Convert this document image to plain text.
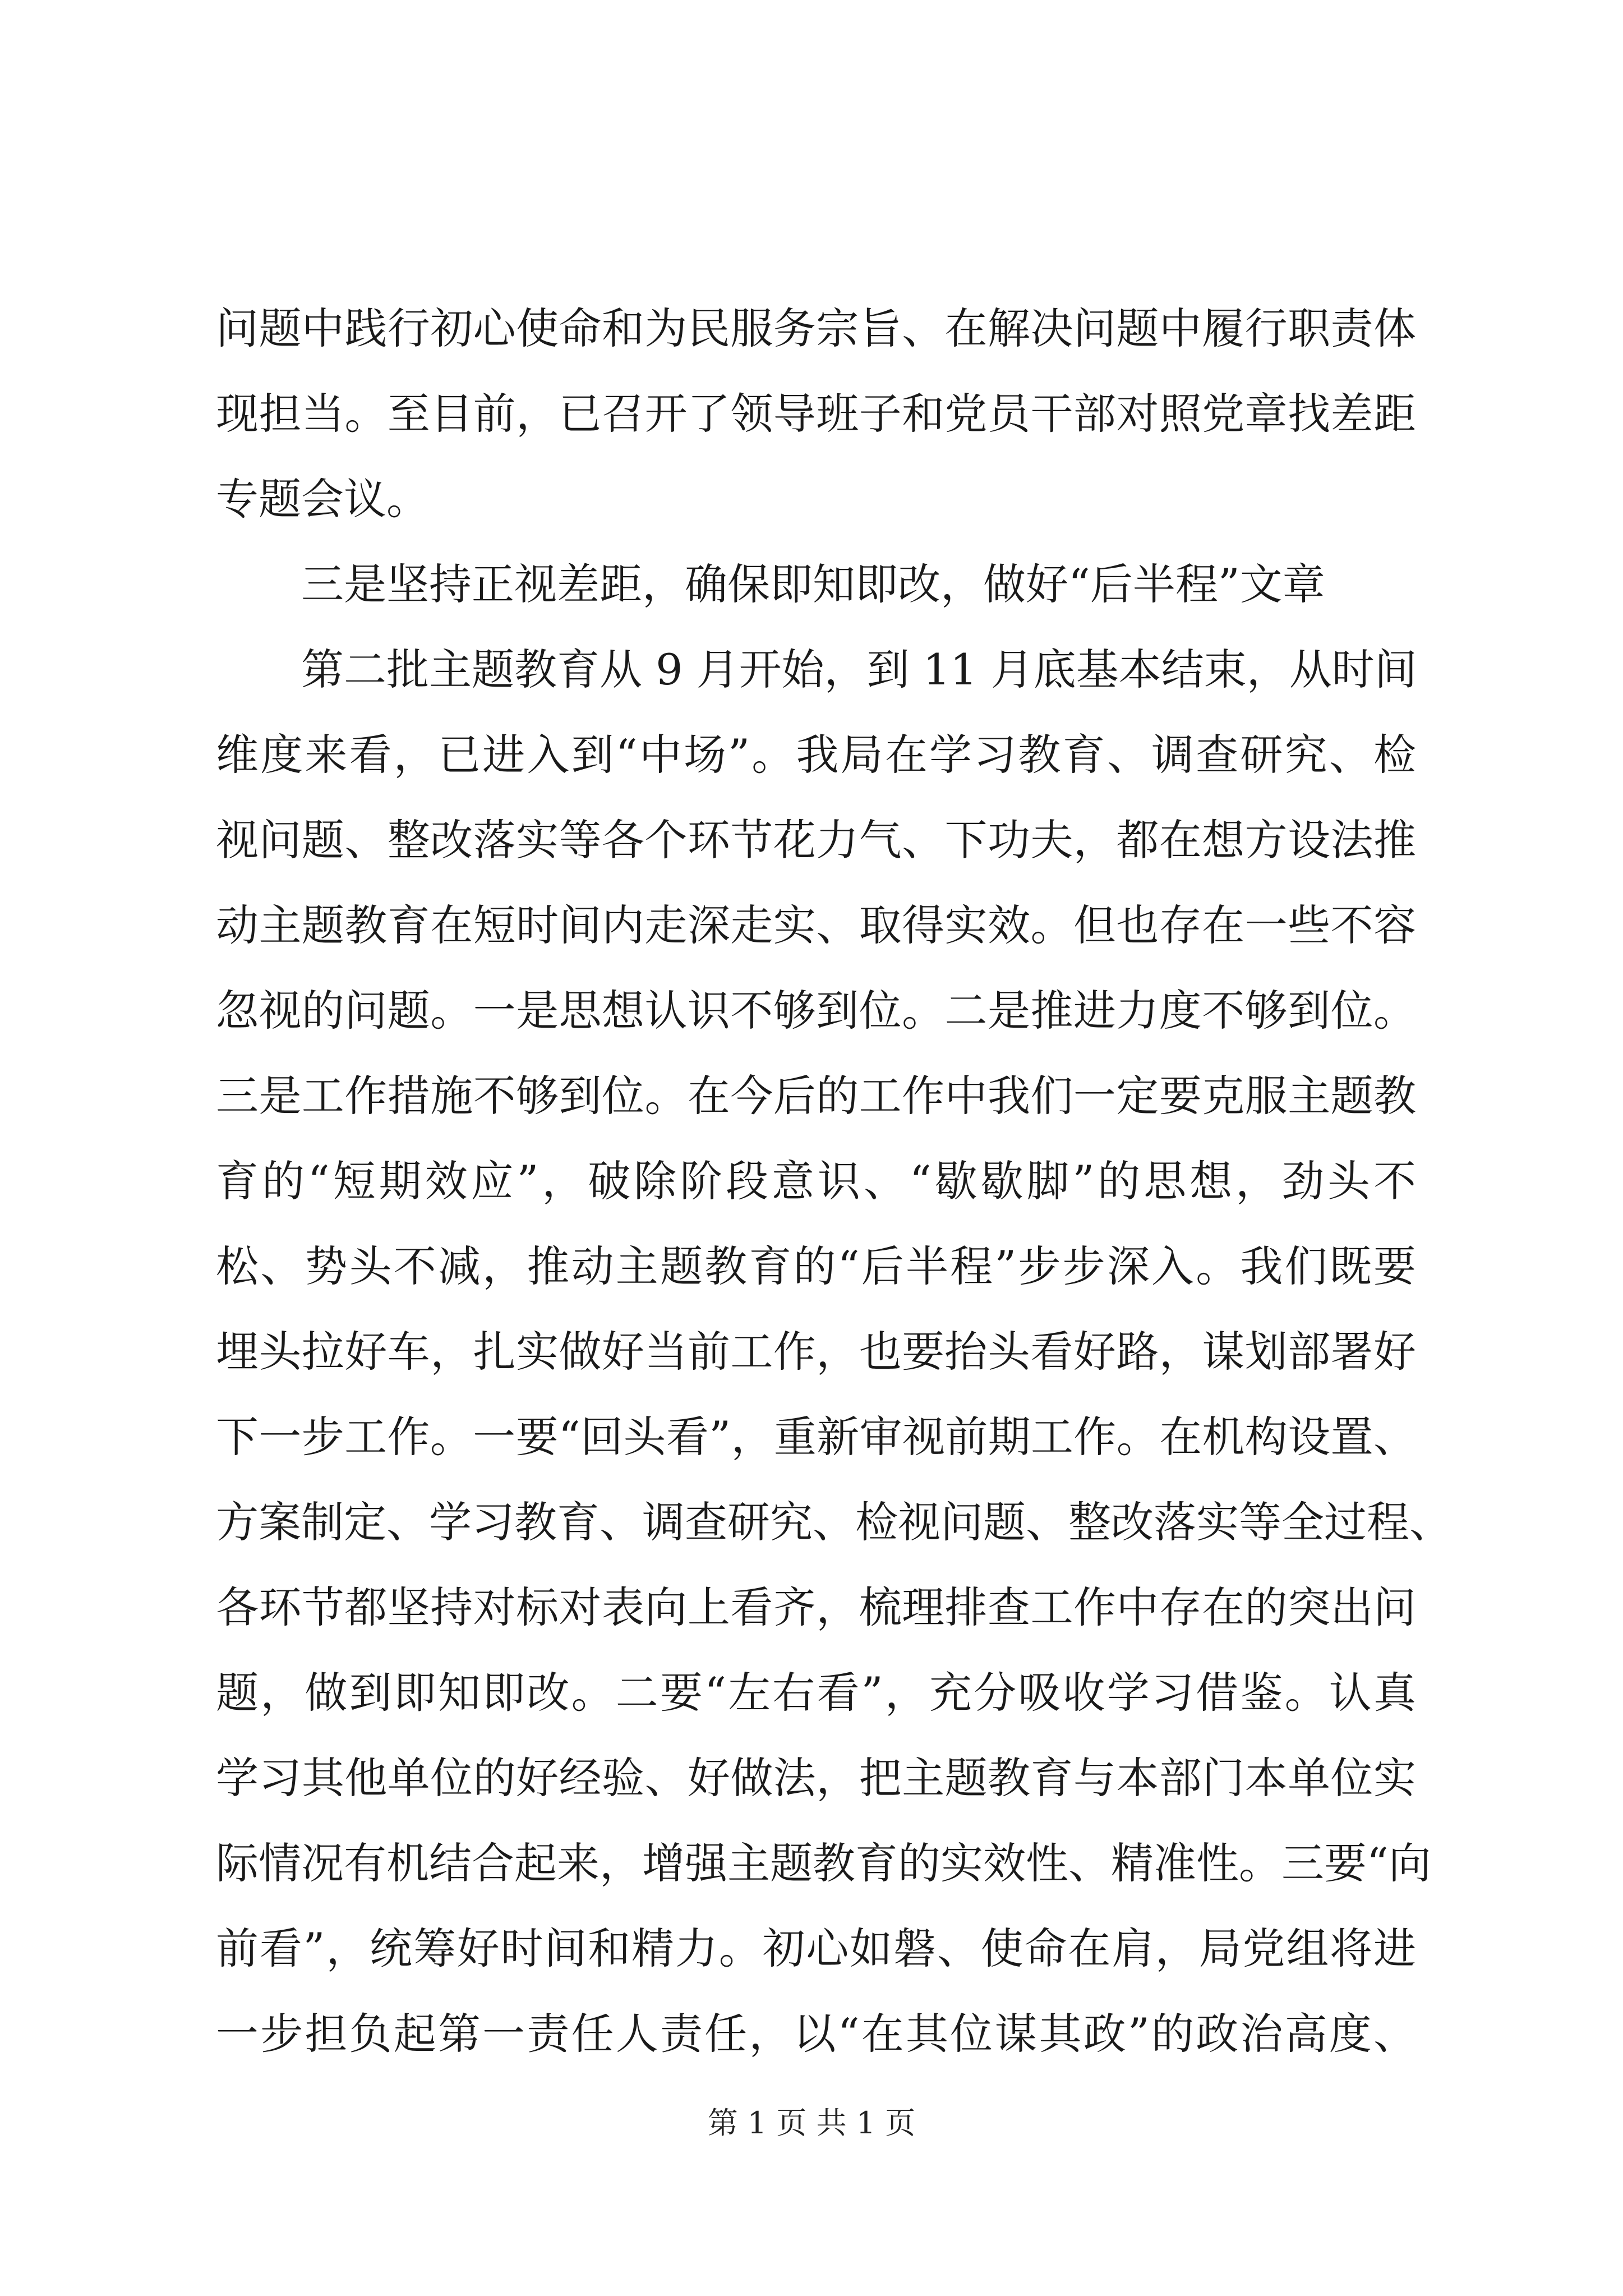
问题中践行初心使命和为民服务宗旨、在解决问题中履行职责体
现担当。至目前，已召开了领导班子和党员干部对照党章找差距
专题会议。
三是坚持正视差距，确保即知即改，做好“后半程”文章
第二批主题教育从 9 月开始，到 11 月底基本结束，从时间
维度来看，已进入到“中场”。我局在学习教育、调查研究、检
视问题、整改落实等各个环节花力气、下功夫，都在想方设法推
动主题教育在短时间内走深走实、取得实效。但也存在一些不容
忽视的问题。一是思想认识不够到位。二是推进力度不够到位。
三是工作措施不够到位。在今后的工作中我们一定要克服主题教
育的“短期效应”，破除阶段意识、“歇歇脚”的思想，劲头不
松、势头不减，推动主题教育的“后半程”步步深入。我们既要
埋头拉好车，扎实做好当前工作，也要抬头看好路，谋划部署好
下一步工作。一要“回头看”，重新审视前期工作。在机构设置、
方案制定、学习教育、调查研究、检视问题、整改落实等全过程、
各环节都坚持对标对表向上看齐，梳理排查工作中存在的突出问
题，做到即知即改。二要“左右看”，充分吸收学习借鉴。认真
学习其他单位的好经验、好做法，把主题教育与本部门本单位实
际情况有机结合起来，增强主题教育的实效性、精准性。三要“向
前看”，统筹好时间和精力。初心如磐、使命在肩，局党组将进
一步担负起第一责任人责任，以“在其位谋其政”的政治高度、
第 1 页 共 1 页
